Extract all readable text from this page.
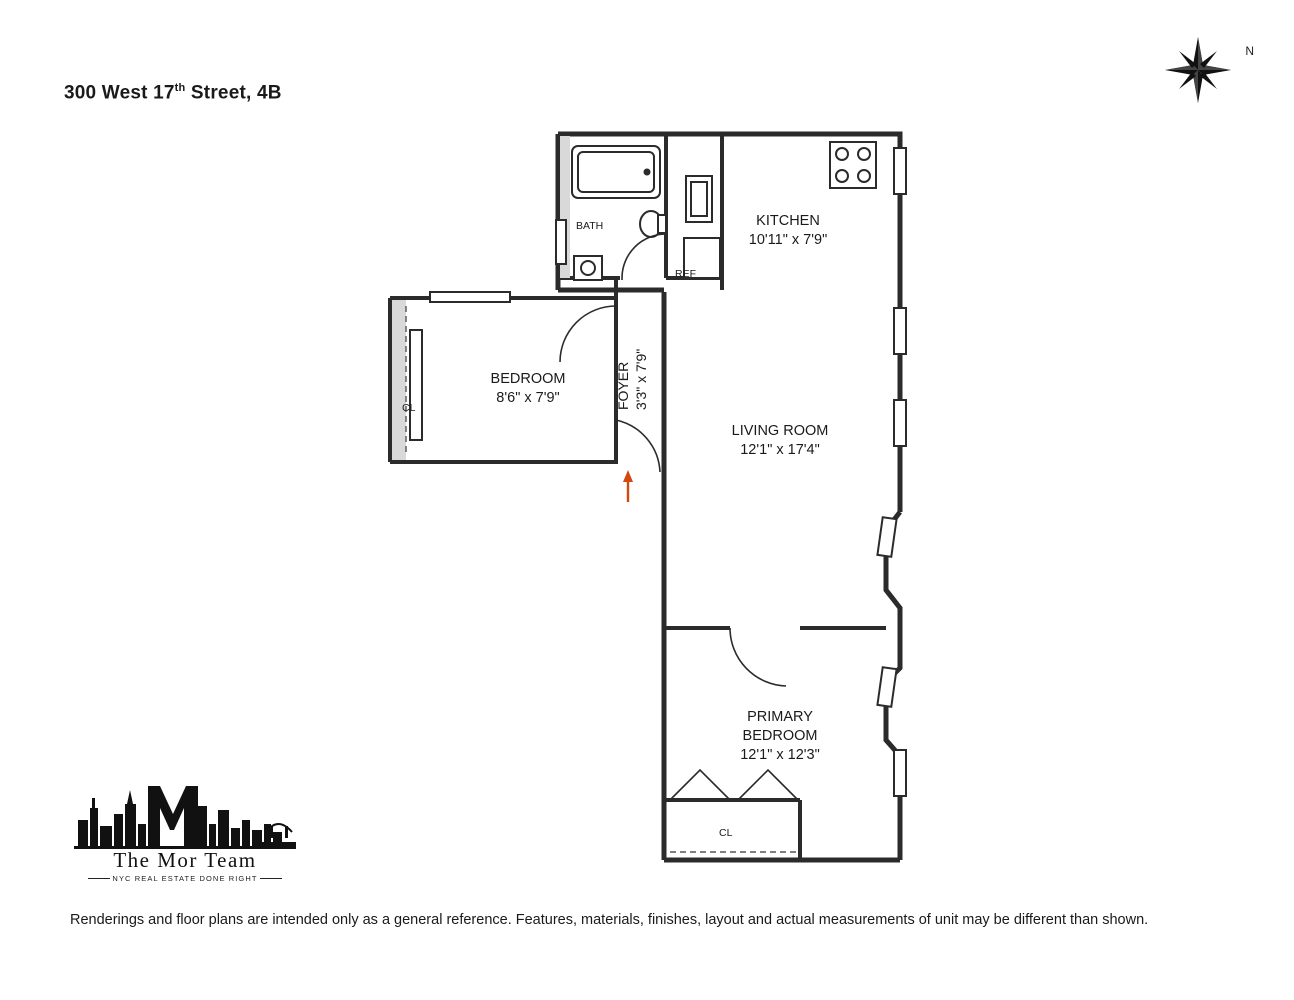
300 West 17th Street, 4B
N
BATH	KITCHEN
10'11" x 7'9"
REF
BEDROOM
8'6" x 7'9"
CL	FOYER 3'3" x 7'9"
LIVING ROOM
12'1" x 17'4"
PRIMARY
BEDROOM
12'1" x 12'3"
CL
The Mor Team
NYC REAL ESTATE DONE RIGHT
Renderings and floor plans are intended only as a general reference. Features, materials, finishes, layout and actual measurements of unit may be different than shown.
